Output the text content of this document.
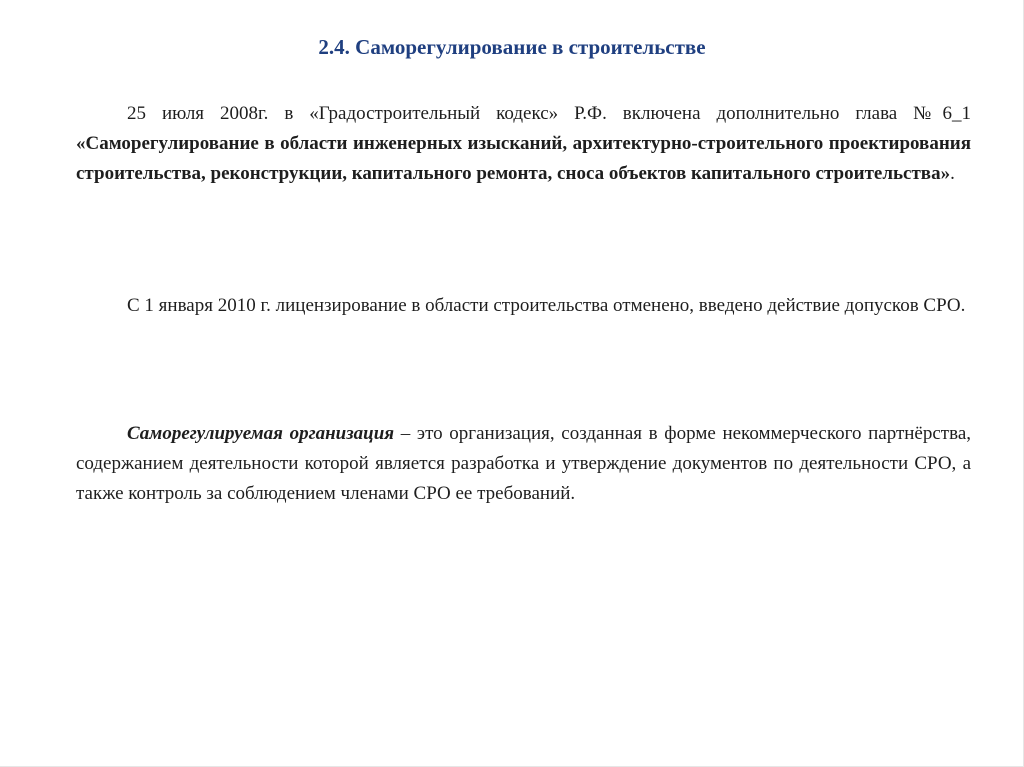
2.4. Саморегулирование в строительстве

25 июля 2008г. в «Градостроительный кодекс» Р.Ф. включена дополнительно глава №6_1 «Саморегулирование в области инженерных изысканий, архитектурно-строительного проектирования строительства, реконструкции, капитального ремонта, сноса объектов капитального строительства».

С 1 января 2010 г. лицензирование в области строительства отменено, введено действие допусков СРО.

Саморегулируемая организация – это организация, созданная в форме некоммерческого партнёрства, содержанием деятельности которой является разработка и утверждение документов по деятельности СРО, а также контроль за соблюдением членами СРО ее требований.
